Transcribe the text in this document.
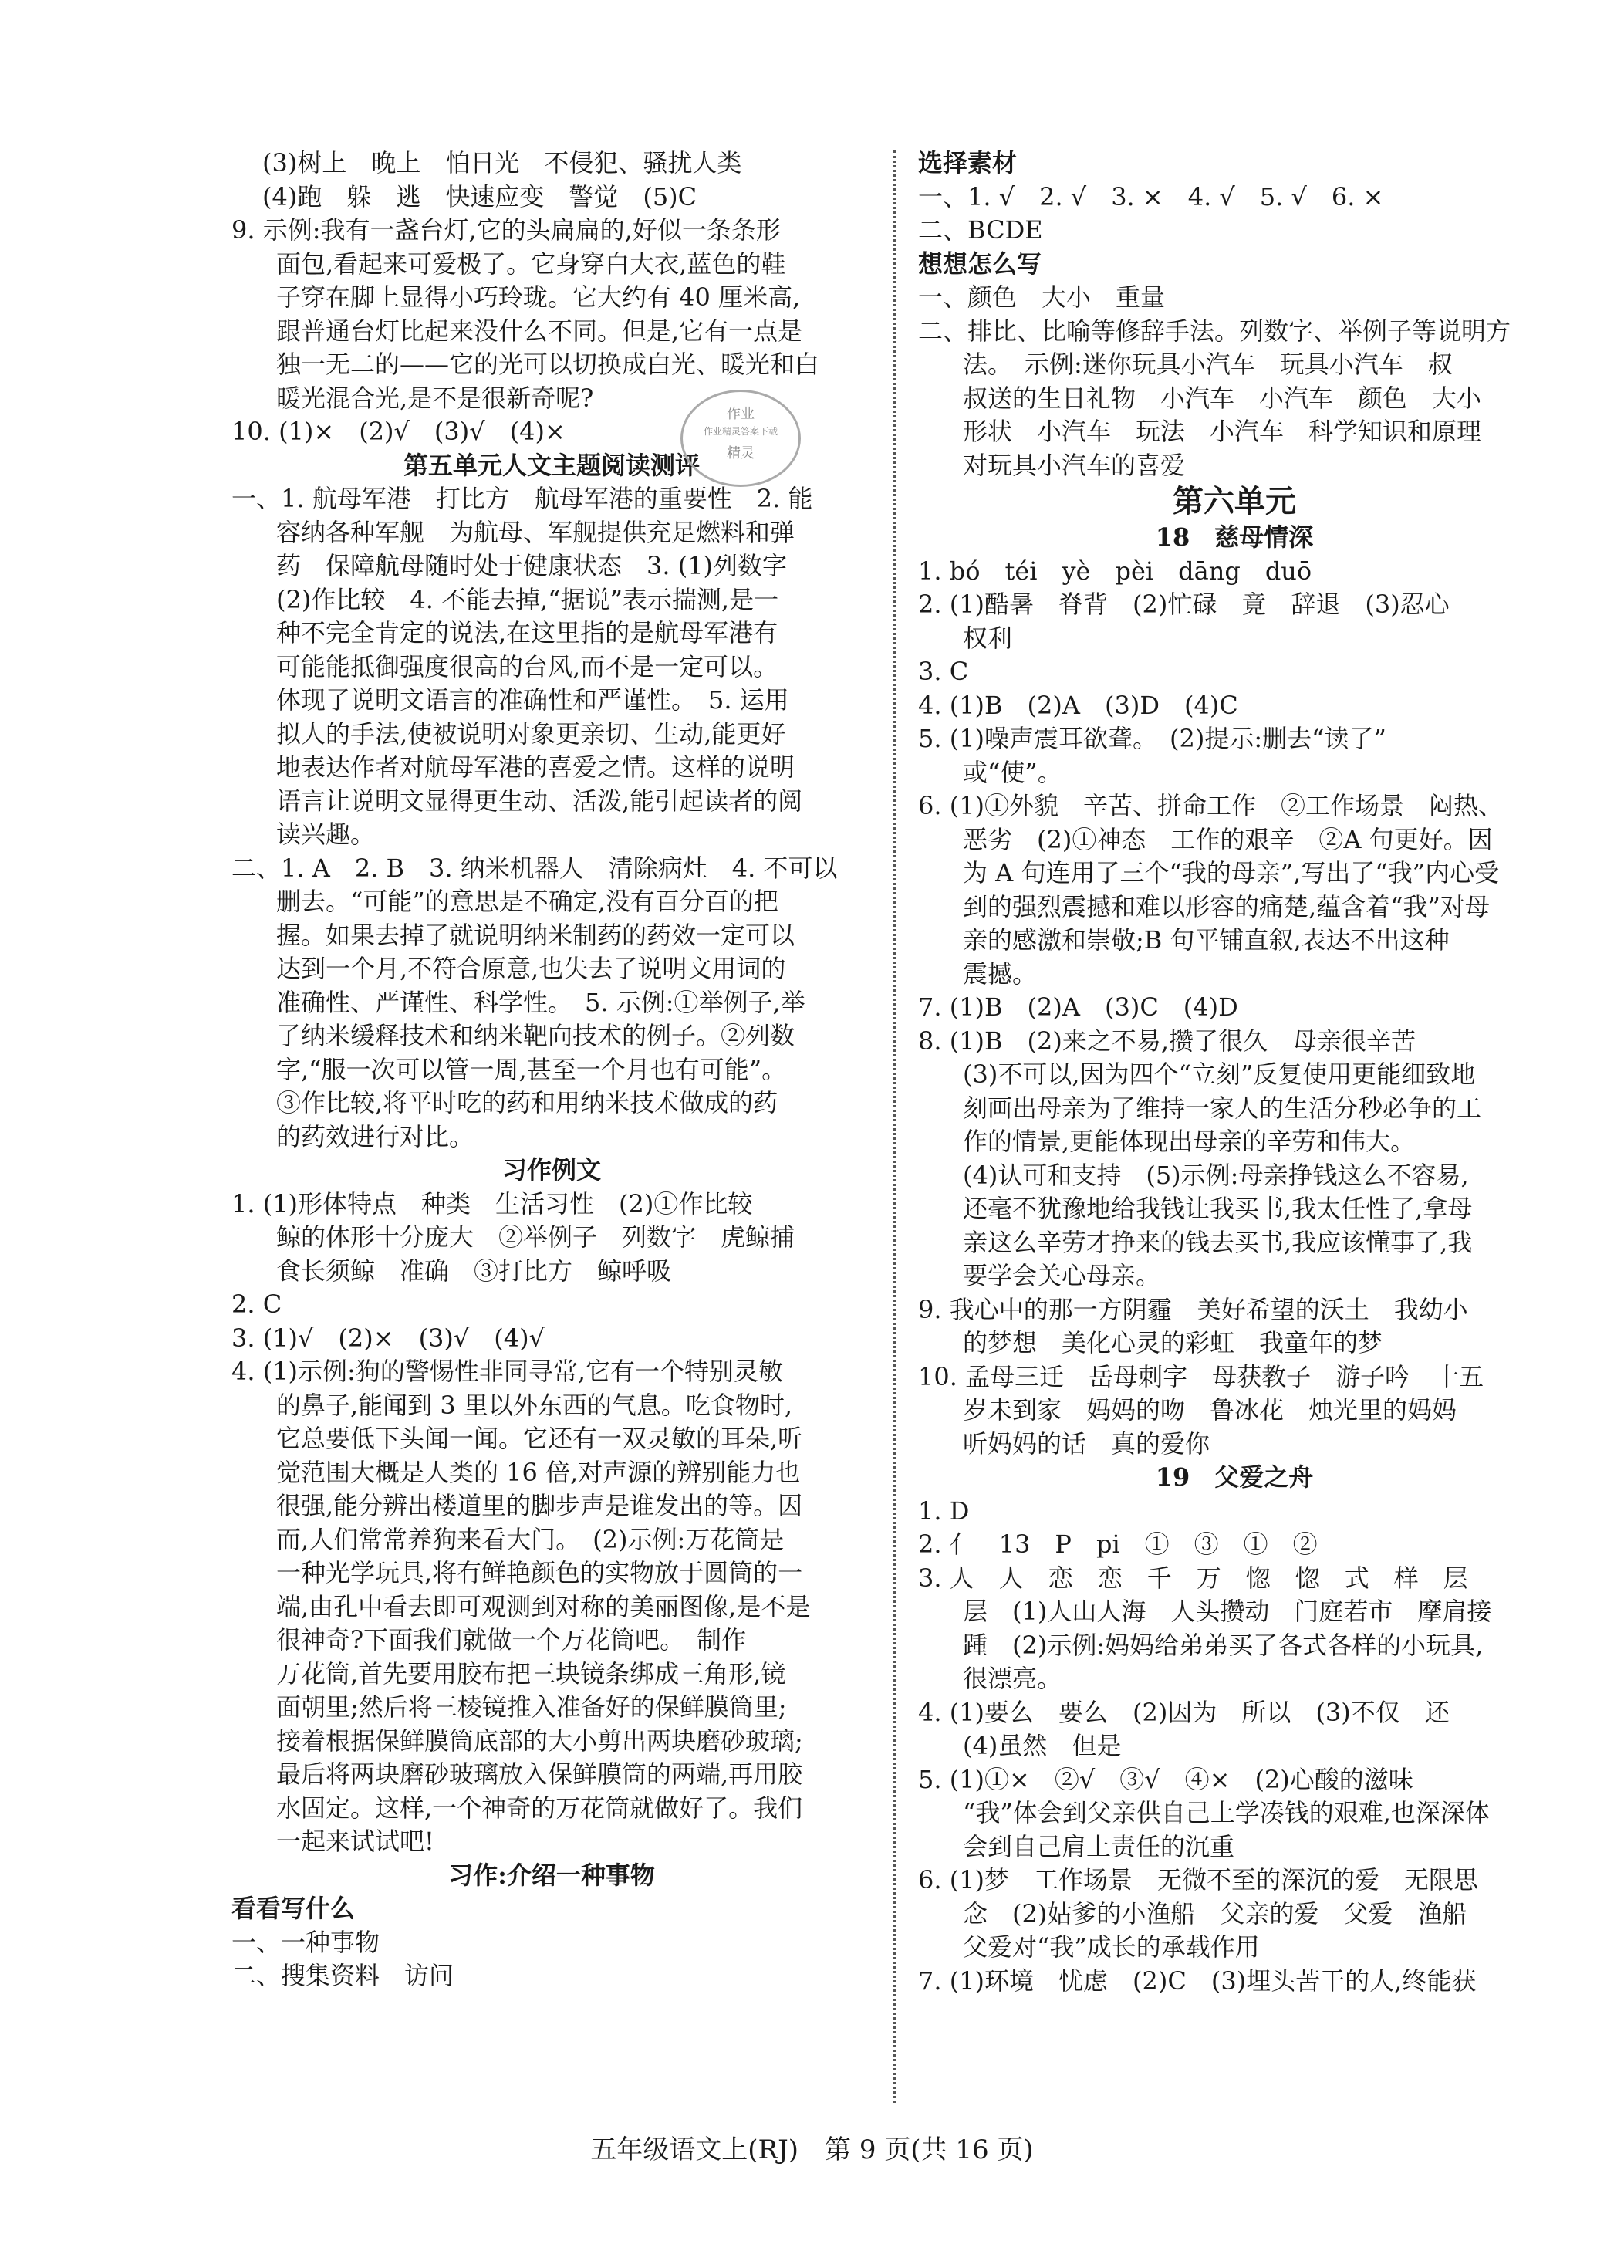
(3)树上　晚上　怕日光　不侵犯、骚扰人类
(4)跑　躲　逃　快速应变　警觉　(5)C
9. 示例:我有一盏台灯,它的头扁扁的,好似一条条形
面包,看起来可爱极了。它身穿白大衣,蓝色的鞋
子穿在脚上显得小巧玲珑。它大约有 40 厘米高,
跟普通台灯比起来没什么不同。但是,它有一点是
独一无二的——它的光可以切换成白光、暖光和白
暖光混合光,是不是很新奇呢?
10. (1)×　(2)√　(3)√　(4)×
第五单元人文主题阅读测评
一、1. 航母军港　打比方　航母军港的重要性　2. 能
容纳各种军舰　为航母、军舰提供充足燃料和弹
药　保障航母随时处于健康状态　3. (1)列数字
(2)作比较　4. 不能去掉,“据说”表示揣测,是一
种不完全肯定的说法,在这里指的是航母军港有
可能能抵御强度很高的台风,而不是一定可以。
体现了说明文语言的准确性和严谨性。　5. 运用
拟人的手法,使被说明对象更亲切、生动,能更好
地表达作者对航母军港的喜爱之情。这样的说明
语言让说明文显得更生动、活泼,能引起读者的阅
读兴趣。
二、1. A　2. B　3. 纳米机器人　清除病灶　4. 不可以
删去。“可能”的意思是不确定,没有百分百的把
握。如果去掉了就说明纳米制药的药效一定可以
达到一个月,不符合原意,也失去了说明文用词的
准确性、严谨性、科学性。　5. 示例:①举例子,举
了纳米缓释技术和纳米靶向技术的例子。②列数
字,“服一次可以管一周,甚至一个月也有可能”。
③作比较,将平时吃的药和用纳米技术做成的药
的药效进行对比。
习作例文
1. (1)形体特点　种类　生活习性　(2)①作比较
鲸的体形十分庞大　②举例子　列数字　虎鲸捕
食长须鲸　准确　③打比方　鲸呼吸
2. C
3. (1)√　(2)×　(3)√　(4)√
4. (1)示例:狗的警惕性非同寻常,它有一个特别灵敏
的鼻子,能闻到 3 里以外东西的气息。吃食物时,
它总要低下头闻一闻。它还有一双灵敏的耳朵,听
觉范围大概是人类的 16 倍,对声源的辨别能力也
很强,能分辨出楼道里的脚步声是谁发出的等。因
而,人们常常养狗来看大门。　(2)示例:万花筒是
一种光学玩具,将有鲜艳颜色的实物放于圆筒的一
端,由孔中看去即可观测到对称的美丽图像,是不是
很神奇?下面我们就做一个万花筒吧。　制作
万花筒,首先要用胶布把三块镜条绑成三角形,镜
面朝里;然后将三棱镜推入准备好的保鲜膜筒里;
接着根据保鲜膜筒底部的大小剪出两块磨砂玻璃;
最后将两块磨砂玻璃放入保鲜膜筒的两端,再用胶
水固定。这样,一个神奇的万花筒就做好了。我们
一起来试试吧!
习作:介绍一种事物
看看写什么
一、一种事物
二、搜集资料　访问
选择素材
一、1. √　2. √　3. ×　4. √　5. √　6. ×
二、BCDE
想想怎么写
一、颜色　大小　重量
二、排比、比喻等修辞手法。列数字、举例子等说明方
法。　示例:迷你玩具小汽车　玩具小汽车　叔
叔送的生日礼物　小汽车　小汽车　颜色　大小
形状　小汽车　玩法　小汽车　科学知识和原理
对玩具小汽车的喜爱
第六单元
18　慈母情深
1. bó　téi　yè　pèi　dāng　duō
2. (1)酷暑　脊背　(2)忙碌　竟　辞退　(3)忍心
权利
3. C
4. (1)B　(2)A　(3)D　(4)C
5. (1)噪声震耳欲聋。　(2)提示:删去“读了”
或“使”。
6. (1)①外貌　辛苦、拼命工作　②工作场景　闷热、
恶劣　(2)①神态　工作的艰辛　②A 句更好。因
为 A 句连用了三个“我的母亲”,写出了“我”内心受
到的强烈震撼和难以形容的痛楚,蕴含着“我”对母
亲的感激和崇敬;B 句平铺直叙,表达不出这种
震撼。
7. (1)B　(2)A　(3)C　(4)D
8. (1)B　(2)来之不易,攒了很久　母亲很辛苦
(3)不可以,因为四个“立刻”反复使用更能细致地
刻画出母亲为了维持一家人的生活分秒必争的工
作的情景,更能体现出母亲的辛劳和伟大。
(4)认可和支持　(5)示例:母亲挣钱这么不容易,
还毫不犹豫地给我钱让我买书,我太任性了,拿母
亲这么辛劳才挣来的钱去买书,我应该懂事了,我
要学会关心母亲。
9. 我心中的那一方阴霾　美好希望的沃土　我幼小
的梦想　美化心灵的彩虹　我童年的梦
10. 孟母三迁　岳母刺字　母获教子　游子吟　十五
岁未到家　妈妈的吻　鲁冰花　烛光里的妈妈
听妈妈的话　真的爱你
19　父爱之舟
1. D
2. 亻　13　P　pi　①　③　①　②
3. 人　人　恋　恋　千　万　惚　惚　式　样　层
层　(1)人山人海　人头攒动　门庭若市　摩肩接
踵　(2)示例:妈妈给弟弟买了各式各样的小玩具,
很漂亮。
4. (1)要么　要么　(2)因为　所以　(3)不仅　还
(4)虽然　但是
5. (1)①×　②√　③√　④×　(2)心酸的滋味
“我”体会到父亲供自己上学凑钱的艰难,也深深体
会到自己肩上责任的沉重
6. (1)梦　工作场景　无微不至的深沉的爱　无限思
念　(2)姑爹的小渔船　父亲的爱　父爱　渔船
父爱对“我”成长的承载作用
7. (1)环境　忧虑　(2)C　(3)埋头苦干的人,终能获
作业
作业精灵答案下载
精灵
五年级语文上(RJ)　第 9 页(共 16 页)
